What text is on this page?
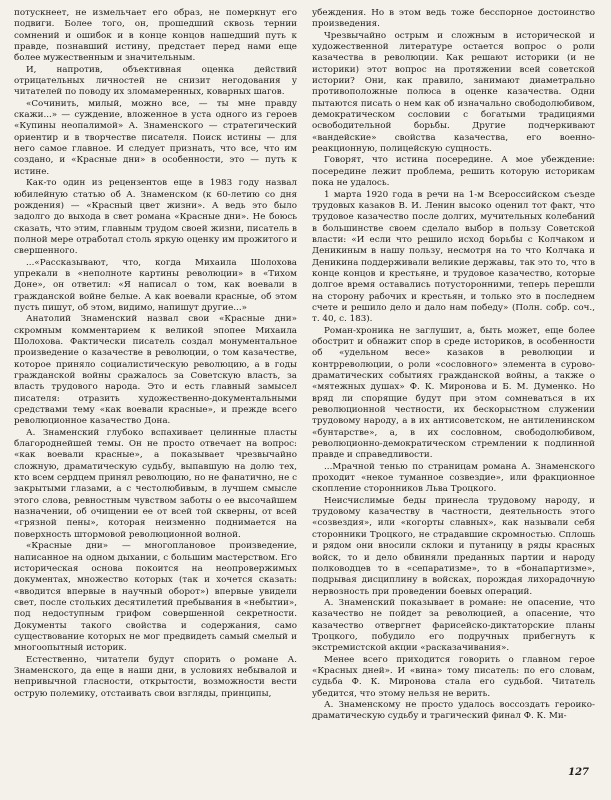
потускнеет, не измельчает его образ, не померкнут его подвиги. Более того, он, прошедший сквозь тернии сомнений и ошибок и в конце концов нашедший путь к правде, познавший истину, предстает перед нами еще более мужественным и значительным.

И, напротив, объективная оценка действий отрицательных личностей не снизит негодования у читателей по поводу их зломамеренных, коварных шагов.

«Сочинить, милый, можно все, — ты мне правду скажи...» — суждение, вложенное в уста одного из героев «Купины неопалимой» А. Знаменского — стратегический ориентир и в творчестве писателя. Поиск истины — для него самое главное. И следует признать, что все, что им создано, и «Красные дни» в особенности, это — путь к истине.

Как-то один из рецензентов еще в 1983 году назвал юбилейную статью об А. Знаменском (к 60-летию со дня рождения) — «Красный цвет жизни». А ведь это было задолго до выхода в свет романа «Красные дни». Не боюсь сказать, что этим, главным трудом своей жизни, писатель в полной мере отработал столь яркую оценку им прожитого и свершенного.

...«Рассказывают, что, когда Михаила Шолохова упрекали в «неполноте картины революции» в «Тихом Доне», он ответил: «Я написал о том, как воевали в гражданской войне белые. А как воевали красные, об этом пусть пишут, об этом, видимо, напишут другие...»

Анатолий Знаменский назвал свои «Красные дни» скромным комментарием к великой эпопее Михаила Шолохова. Фактически писатель создал монументальное произведение о казачестве в революции, о том казачестве, которое приняло социалистическую революцию, а в годы гражданской войны сражалось за Советскую власть, за власть трудового народа. Это и есть главный замысел писателя: отразить художественно-документальными средствами тему «как воевали красные», и прежде всего революционное казачество Дона.

А. Знаменский глубоко вспахивает целинные пласты благороднейшей темы. Он не просто отвечает на вопрос: «как воевали красные», а показывает чрезвычайно сложную, драматическую судьбу, выпавшую на долю тех, кто всем сердцем принял революцию, но не фанатично, не с закрытыми глазами, а с честолюбивым, в лучшем смысле этого слова, ревностным чувством заботы о ее высочайшем назначении, об очищении ее от всей той скверны, от всей «грязной пены», которая неизменно поднимается на поверхность штормовой революционной волной.

«Красные дни» — многоплановое произведение, написанное на одном дыхании, с большим мастерством. Его историческая основа покоится на неопровержимых документах, множество которых (так и хочется сказать: «вводится впервые в научный оборот») впервые увидели свет, после стольких десятилетий пребывания в «небытии», под недоступным грифом совершенной секретности. Документы такого свойства и содержания, само существование которых не мог предвидеть самый смелый и многоопытный историк.

Естественно, читатели будут спорить о романе А. Знаменского, да еще в наши дни, в условиях небывалой и непривычной гласности, открытости, возможности вести острую полемику, отстаивать свои взгляды, принципы,

убеждения. Но в этом ведь тоже бесспорное достоинство произведения.

Чрезвычайно острым и сложным в исторической и художественной литературе остается вопрос о роли казачества в революции. Как решают историки (и не историки) этот вопрос на протяжении всей советской истории? Они, как правило, занимают диаметрально противоположные полюса в оценке казачества. Одни пытаются писать о нем как об изначально свободолюбивом, демократическом сословии с богатыми традициями освободительной борьбы. Другие подчеркивают «вандейские» свойства казачества, его военно-реакционную, полицейскую сущность.

Говорят, что истина посередине. А мое убеждение: посередине лежит проблема, решить которую историкам пока не удалось.

1 марта 1920 года в речи на 1-м Всероссийском съезде трудовых казаков В. И. Ленин высоко оценил тот факт, что трудовое казачество после долгих, мучительных колебаний в большинстве своем сделало выбор в пользу Советской власти: «И если что решило исход борьбы с Колчаком и Деникиным в нашу пользу, несмотря на то что Колчака и Деникина поддерживали великие державы, так это то, что в конце концов и крестьяне, и трудовое казачество, которые долгое время оставались потусторонними, теперь перешли на сторону рабочих и крестьян, и только это в последнем счете и решило дело и дало нам победу» (Полн. собр. соч., т. 40, с. 183).

Роман-хроника не заглушит, а, быть может, еще более обострит и обнажит спор в среде историков, в особенности об «удельном весе» казаков в революции и контрреволюции, о роли «сословного» элемента в сурово-драматических событиях гражданской войны, а также о «мятежных душах» Ф. К. Миронова и Б. М. Думенко. Но вряд ли спорящие будут при этом сомневаться в их революционной честности, их бескорыстном служении трудовому народу, а в их антисоветском, не антиленинском «бунтарстве», а, в их сословном, свободолюбивом, революционно-демократическом стремлении к подлинной правде и справедливости.

...Мрачной тенью по страницам романа А. Знаменского проходит «некое туманное созвездие», или фракционное скопление сторонников Льва Троцкого.

Неисчислимые беды принесла трудовому народу, и трудовому казачеству в частности, деятельность этого «созвездия», или «когорты славных», как называли себя сторонники Троцкого, не страдавшие скромностью. Сплошь и рядом они вносили склоки и путаницу в ряды красных войск, то и дело обвиняли преданных партии и народу полководцев то в «сепаратизме», то в «бонапартизме», подрывая дисциплину в войсках, порождая лихорадочную нервозность при проведении боевых операций.

А. Знаменский показывает в романе: не опасение, что казачество не пойдет за революцией, а опасение, что казачество отвергнет фарисейско-диктаторские планы Троцкого, побудило его подручных прибегнуть к экстремистской акции «расказачивания».

Менее всего приходится говорить о главном герое «Красных дней». И «вина» тому писатель: по его словам, судьба Ф. К. Миронова стала его судьбой. Читатель убедится, что этому нельзя не верить.

А. Знаменскому не просто удалось воссоздать героико-драматическую судьбу и трагический финал Ф. К. Ми-

127
